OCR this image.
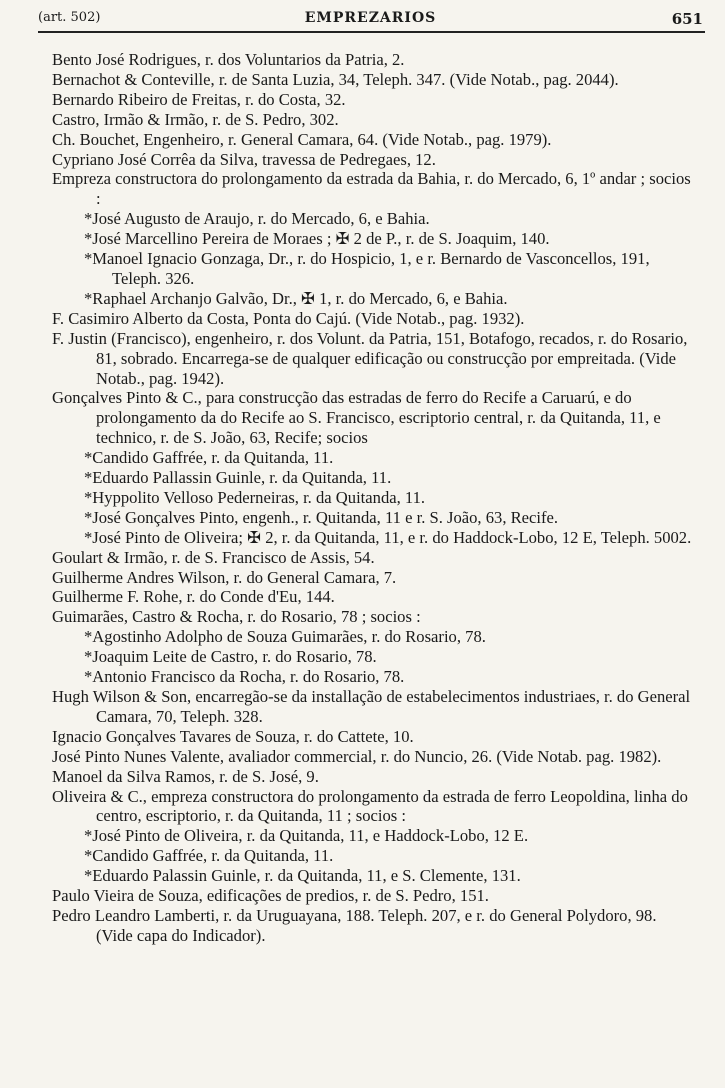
(art. 502)	EMPREZARIOS	651

Bento José Rodrigues, r. dos Voluntarios da Patria, 2.

Bernachot & Conteville, r. de Santa Luzia, 34, Teleph. 347. (Vide Notab., pag. 2044).

Bernardo Ribeiro de Freitas, r. do Costa, 32.

Castro, Irmão & Irmão, r. de S. Pedro, 302.

Ch. Bouchet, Engenheiro, r. General Camara, 64. (Vide Notab., pag. 1979).

Cypriano José Corrêa da Silva, travessa de Pedregaes, 12.

Empreza constructora do prolongamento da estrada da Bahia, r. do Mercado, 6, 1º andar ; socios :

*José Augusto de Araujo, r. do Mercado, 6, e Bahia.

*José Marcellino Pereira de Moraes ; ✠ 2 de P., r. de S. Joaquim, 140.

*Manoel Ignacio Gonzaga, Dr., r. do Hospicio, 1, e r. Bernardo de Vasconcellos, 191, Teleph. 326.

*Raphael Archanjo Galvão, Dr., ✠ 1, r. do Mercado, 6, e Bahia.

F. Casimiro Alberto da Costa, Ponta do Cajú. (Vide Notab., pag. 1932).

F. Justin (Francisco), engenheiro, r. dos Volunt. da Patria, 151, Botafogo, recados, r. do Rosario, 81, sobrado. Encarrega-se de qualquer edificação ou construcção por empreitada. (Vide Notab., pag. 1942).

Gonçalves Pinto & C., para construcção das estradas de ferro do Recife a Caruarú, e do prolongamento da do Recife ao S. Francisco, escriptorio central, r. da Quitanda, 11, e technico, r. de S. João, 63, Recife; socios

*Candido Gaffrée, r. da Quitanda, 11.

*Eduardo Pallassin Guinle, r. da Quitanda, 11.

*Hyppolito Velloso Pederneiras, r. da Quitanda, 11.

*José Gonçalves Pinto, engenh., r. Quitanda, 11 e r. S. João, 63, Recife.

*José Pinto de Oliveira; ✠ 2, r. da Quitanda, 11, e r. do Haddock-Lobo, 12 E, Teleph. 5002.

Goulart & Irmão, r. de S. Francisco de Assis, 54.

Guilherme Andres Wilson, r. do General Camara, 7.

Guilherme F. Rohe, r. do Conde d'Eu, 144.

Guimarães, Castro & Rocha, r. do Rosario, 78 ; socios :

*Agostinho Adolpho de Souza Guimarães, r. do Rosario, 78.

*Joaquim Leite de Castro, r. do Rosario, 78.

*Antonio Francisco da Rocha, r. do Rosario, 78.

Hugh Wilson & Son, encarregão-se da installação de estabelecimentos industriaes, r. do General Camara, 70, Teleph. 328.

Ignacio Gonçalves Tavares de Souza, r. do Cattete, 10.

José Pinto Nunes Valente, avaliador commercial, r. do Nuncio, 26. (Vide Notab. pag. 1982).

Manoel da Silva Ramos, r. de S. José, 9.

Oliveira & C., empreza constructora do prolongamento da estrada de ferro Leopoldina, linha do centro, escriptorio, r. da Quitanda, 11 ; socios :

*José Pinto de Oliveira, r. da Quitanda, 11, e Haddock-Lobo, 12 E.

*Candido Gaffrée, r. da Quitanda, 11.

*Eduardo Palassin Guinle, r. da Quitanda, 11, e S. Clemente, 131.

Paulo Vieira de Souza, edificações de predios, r. de S. Pedro, 151.

Pedro Leandro Lamberti, r. da Uruguayana, 188. Teleph. 207, e r. do General Polydoro, 98. (Vide capa do Indicador).
